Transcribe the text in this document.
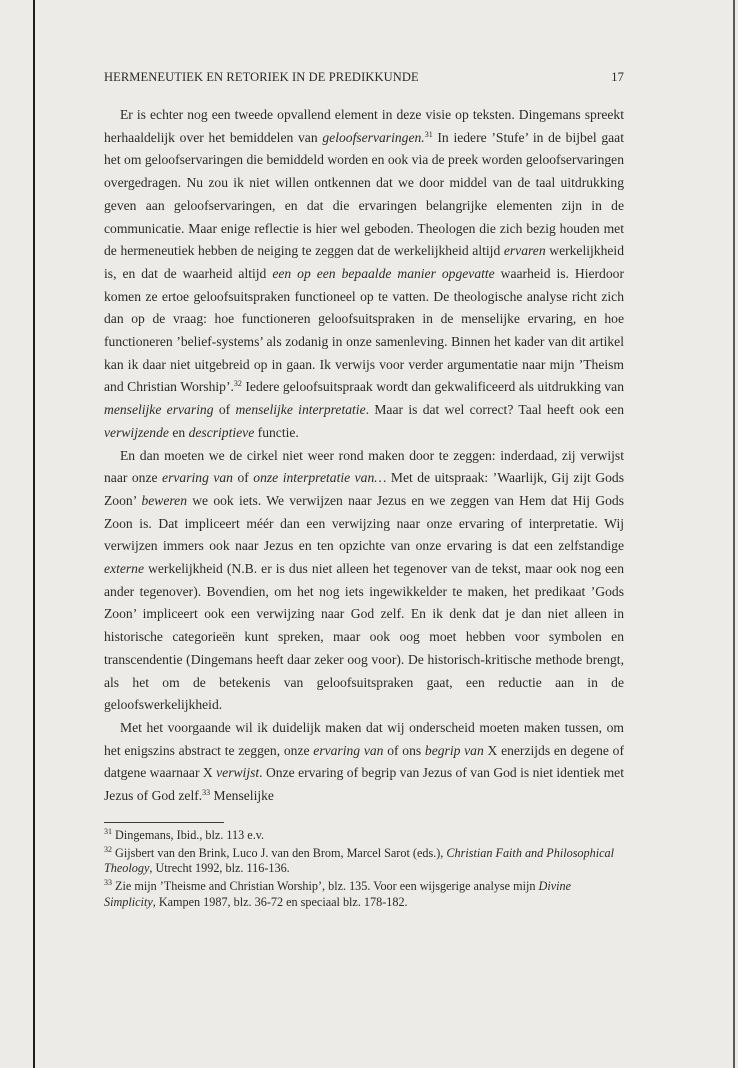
HERMENEUTIEK EN RETORIEK IN DE PREDIKKUNDE	17

Er is echter nog een tweede opvallend element in deze visie op teksten. Dingemans spreekt herhaaldelijk over het bemiddelen van geloofservaringen.$^{31}$ In iedere ’Stufe’ in de bijbel gaat het om geloofservaringen die bemiddeld worden en ook via de preek worden geloofservaringen overgedragen. Nu zou ik niet willen ontkennen dat we door middel van de taal uitdrukking geven aan geloofservaringen, en dat die ervaringen belangrijke elementen zijn in de communicatie. Maar enige reflectie is hier wel geboden. Theologen die zich bezig houden met de hermeneutiek hebben de neiging te zeggen dat de werkelijkheid altijd ervaren werkelijkheid is, en dat de waarheid altijd een op een bepaalde manier opgevatte waarheid is. Hierdoor komen ze ertoe geloofsuitspraken functioneel op te vatten. De theologische analyse richt zich dan op de vraag: hoe functioneren geloofsuitspraken in de menselijke ervaring, en hoe functioneren ’belief-systems’ als zodanig in onze samenleving. Binnen het kader van dit artikel kan ik daar niet uitgebreid op in gaan. Ik verwijs voor verder argumentatie naar mijn ’Theism and Christian Worship’.$^{32}$ Iedere geloofsuitspraak wordt dan gekwalificeerd als uitdrukking van menselijke ervaring of menselijke interpretatie. Maar is dat wel correct? Taal heeft ook een verwijzende en descriptieve functie.

En dan moeten we de cirkel niet weer rond maken door te zeggen: inderdaad, zij verwijst naar onze ervaring van of onze interpretatie van… Met de uitspraak: ’Waarlijk, Gij zijt Gods Zoon’ beweren we ook iets. We verwijzen naar Jezus en we zeggen van Hem dat Hij Gods Zoon is. Dat impliceert méér dan een verwijzing naar onze ervaring of interpretatie. Wij verwijzen immers ook naar Jezus en ten opzichte van onze ervaring is dat een zelfstandige externe werkelijkheid (N.B. er is dus niet alleen het tegenover van de tekst, maar ook nog een ander tegenover). Bovendien, om het nog iets ingewikkelder te maken, het predikaat ’Gods Zoon’ impliceert ook een verwijzing naar God zelf. En ik denk dat je dan niet alleen in historische categorieën kunt spreken, maar ook oog moet hebben voor symbolen en transcendentie (Dingemans heeft daar zeker oog voor). De historisch-kritische methode brengt, als het om de betekenis van geloofsuitspraken gaat, een reductie aan in de geloofswerkelijkheid.

Met het voorgaande wil ik duidelijk maken dat wij onderscheid moeten maken tussen, om het enigszins abstract te zeggen, onze ervaring van of ons begrip van X enerzijds en degene of datgene waarnaar X verwijst. Onze ervaring of begrip van Jezus of van God is niet identiek met Jezus of God zelf.$^{33}$ Menselijke

$^{31}$ Dingemans, Ibid., blz. 113 e.v.

$^{32}$ Gijsbert van den Brink, Luco J. van den Brom, Marcel Sarot (eds.), Christian Faith and Philosophical Theology, Utrecht 1992, blz. 116-136.

$^{33}$ Zie mijn ’Theisme and Christian Worship’, blz. 135. Voor een wijsgerige analyse mijn Divine Simplicity, Kampen 1987, blz. 36-72 en speciaal blz. 178-182.
